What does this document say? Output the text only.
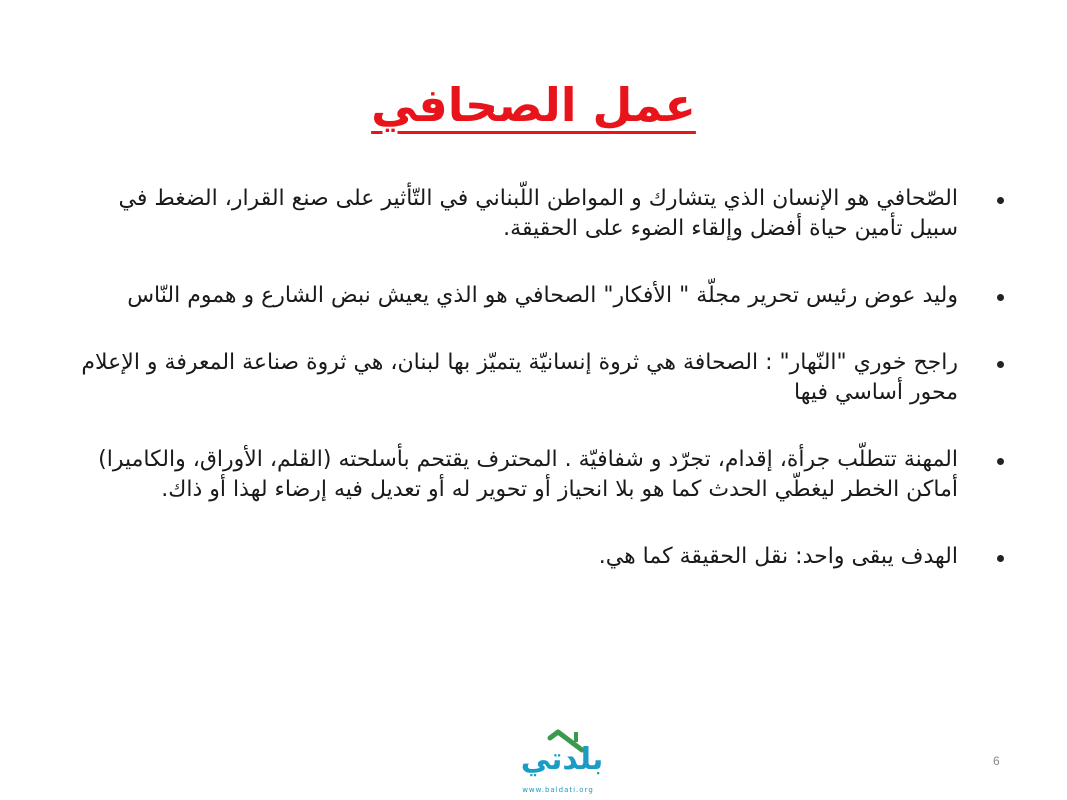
عمل الصحافي
الصّحافي هو الإنسان الذي يتشارك و المواطن اللّبناني في التّأثير على صنع القرار، الضغط في سبيل تأمين حياة أفضل وإلقاء الضوء على الحقيقة.
وليد عوض رئيس تحرير مجلّة " الأفكار" الصحافي هو الذي يعيش نبض الشارع و هموم النّاس
راجح خوري "النّهار" : الصحافة هي ثروة إنسانيّة يتميّز بها لبنان، هي ثروة صناعة المعرفة و الإعلام محور أساسي فيها
المهنة تتطلّب جرأة، إقدام، تجرّد و شفافيّة . المحترف يقتحم بأسلحته (القلم، الأوراق، والكاميرا) أماكن الخطر ليغطّي الحدث كما هو بلا انحياز أو تحوير له أو تعديل فيه إرضاء لهذا أو ذاك.
الهدف يبقى واحد: نقل الحقيقة كما هي.
بلدتي
www.baldati.org
6
